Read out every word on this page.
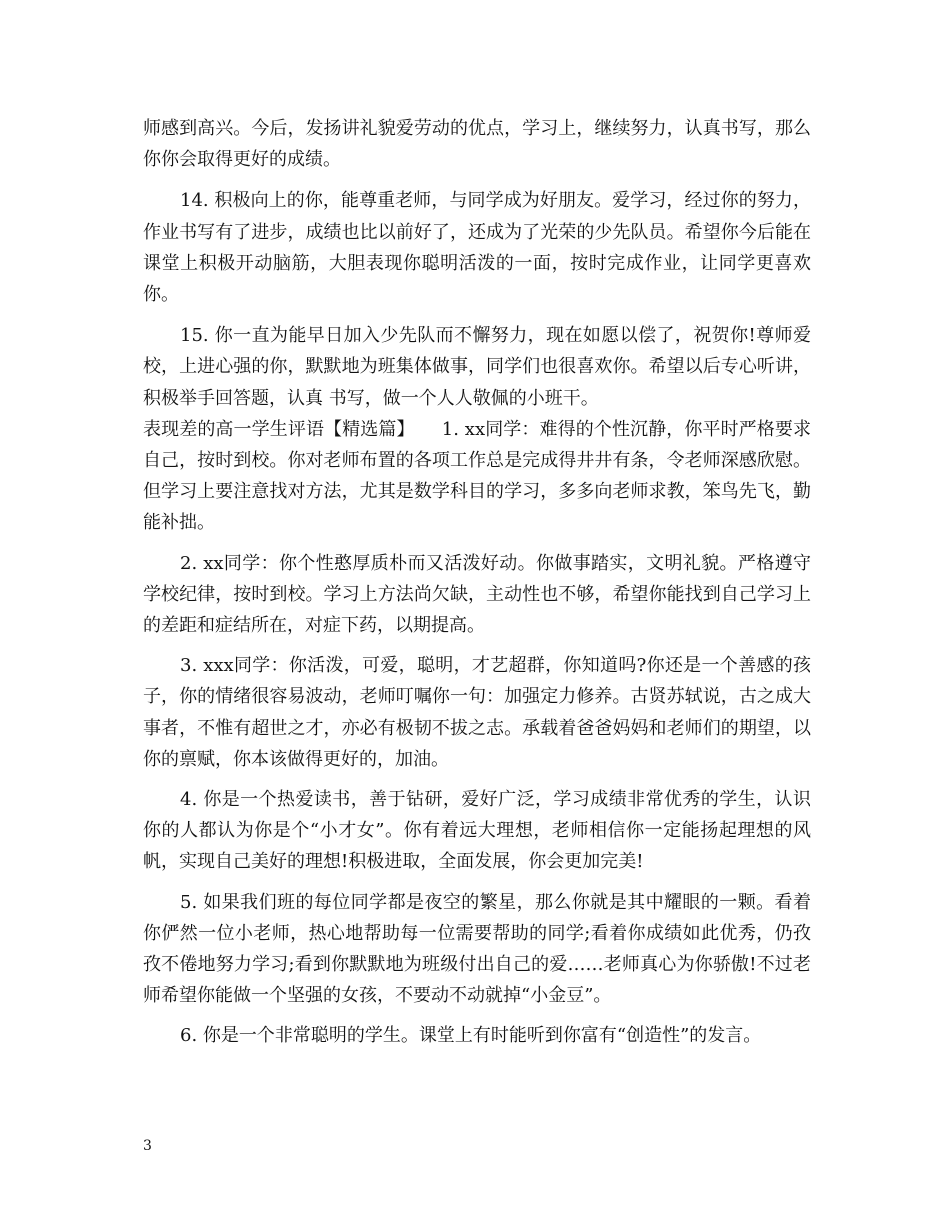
师感到高兴。今后，发扬讲礼貌爱劳动的优点，学习上，继续努力，认真书写，那么你你会取得更好的成绩。

14. 积极向上的你，能尊重老师，与同学成为好朋友。爱学习，经过你的努力，作业书写有了进步，成绩也比以前好了，还成为了光荣的少先队员。希望你今后能在课堂上积极开动脑筋，大胆表现你聪明活泼的一面，按时完成作业，让同学更喜欢你。

15. 你一直为能早日加入少先队而不懈努力，现在如愿以偿了，祝贺你!尊师爱校，上进心强的你，默默地为班集体做事，同学们也很喜欢你。希望以后专心听讲，积极举手回答题，认真 书写，做一个人人敬佩的小班干。

表现差的高一学生评语【精选篇】　　1. xx同学：难得的个性沉静，你平时严格要求自己，按时到校。你对老师布置的各项工作总是完成得井井有条，令老师深感欣慰。但学习上要注意找对方法，尤其是数学科目的学习，多多向老师求教，笨鸟先飞，勤能补拙。

2. xx同学：你个性憨厚质朴而又活泼好动。你做事踏实，文明礼貌。严格遵守学校纪律，按时到校。学习上方法尚欠缺，主动性也不够，希望你能找到自己学习上的差距和症结所在，对症下药，以期提高。

3. xxx同学：你活泼，可爱，聪明，才艺超群，你知道吗?你还是一个善感的孩子，你的情绪很容易波动，老师叮嘱你一句：加强定力修养。古贤苏轼说，古之成大事者，不惟有超世之才，亦必有极韧不拔之志。承载着爸爸妈妈和老师们的期望，以你的禀赋，你本该做得更好的，加油。

4. 你是一个热爱读书，善于钻研，爱好广泛，学习成绩非常优秀的学生，认识你的人都认为你是个“小才女”。你有着远大理想，老师相信你一定能扬起理想的风帆，实现自己美好的理想!积极进取，全面发展，你会更加完美!

5. 如果我们班的每位同学都是夜空的繁星，那么你就是其中耀眼的一颗。看着你俨然一位小老师，热心地帮助每一位需要帮助的同学;看着你成绩如此优秀，仍孜孜不倦地努力学习;看到你默默地为班级付出自己的爱……老师真心为你骄傲!不过老师希望你能做一个坚强的女孩，不要动不动就掉“小金豆”。

6. 你是一个非常聪明的学生。课堂上有时能听到你富有“创造性”的发言。

3
